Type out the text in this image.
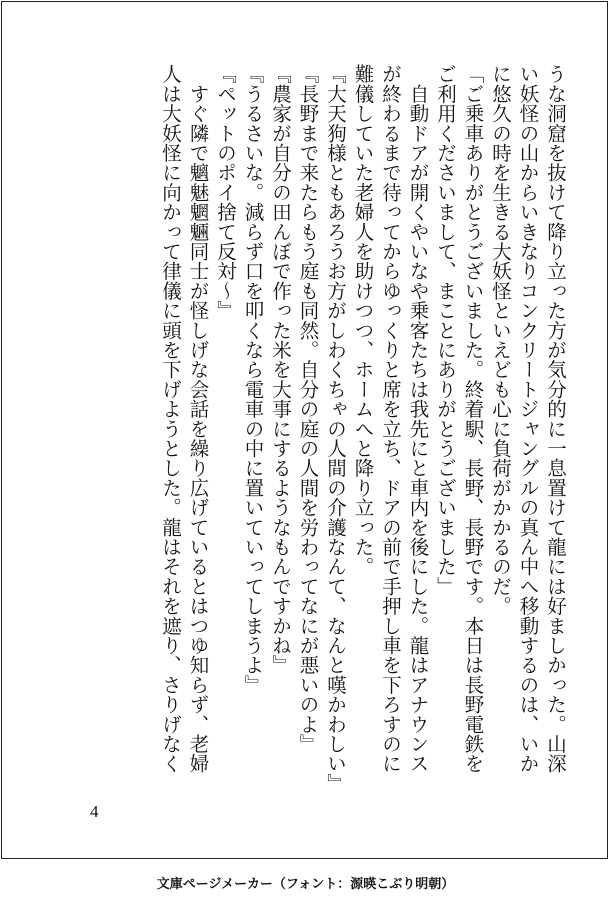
うな洞窟を抜けて降り立った方が気分的に一息置けて龍には好ましかった。山深

い妖怪の山からいきなりコンクリートジャングルの真ん中へ移動するのは、いか

に悠久の時を生きる大妖怪といえども心に負荷がかかるのだ。

「ご乗車ありがとうございました。終着駅、長野、長野です。本日は長野電鉄を

ご利用くださいまして、まことにありがとうございました」

　自動ドアが開くやいなや乗客たちは我先にと車内を後にした。龍はアナウンス

が終わるまで待ってからゆっくりと席を立ち、ドアの前で手押し車を下ろすのに

難儀していた老婦人を助けつつ、ホームへと降り立った。

『大天狗様ともあろうお方がしわくちゃの人間の介護なんて、なんと嘆かわしい』

『長野まで来たらもう庭も同然。自分の庭の人間を労わってなにが悪いのよ』

『農家が自分の田んぼで作った米を大事にするようなもんですかね』

『うるさいな。減らず口を叩くなら電車の中に置いていってしまうよ』

『ペットのポイ捨て反対～』

　すぐ隣で魑魅魍魎同士が怪しげな会話を繰り広げているとはつゆ知らず、老婦

人は大妖怪に向かって律儀に頭を下げようとした。龍はそれを遮り、さりげなく

4
文庫ページメーカー（フォント：源暎こぶり明朝）
